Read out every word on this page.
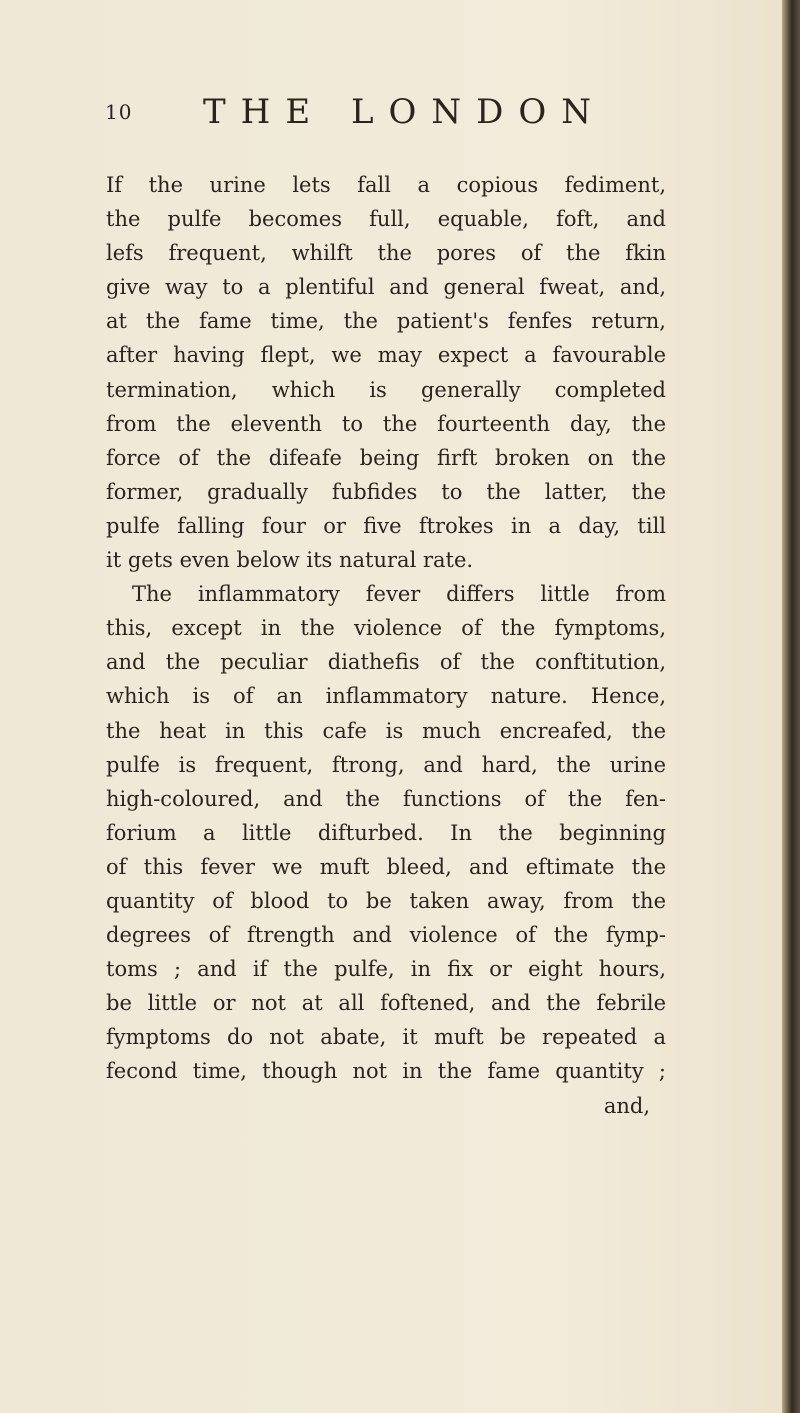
10 THE LONDON
If the urine lets fall a copious fediment,
the pulfe becomes full, equable, foft, and
lefs frequent, whilft the pores of the fkin
give way to a plentiful and general fweat, and,
at the fame time, the patient's fenfes return,
after having flept, we may expect a favourable
termination, which is generally completed
from the eleventh to the fourteenth day, the
force of the difeafe being firft broken on the
former, gradually fubfides to the latter, the
pulfe falling four or five ftrokes in a day, till
it gets even below its natural rate.
The inflammatory fever differs little from
this, except in the violence of the fymptoms,
and the peculiar diathefis of the conftitution,
which is of an inflammatory nature. Hence,
the heat in this cafe is much encreafed, the
pulfe is frequent, ftrong, and hard, the urine
high-coloured, and the functions of the fen-
forium a little difturbed. In the beginning
of this fever we muft bleed, and eftimate the
quantity of blood to be taken away, from the
degrees of ftrength and violence of the fymp-
toms ; and if the pulfe, in fix or eight hours,
be little or not at all foftened, and the febrile
fymptoms do not abate, it muft be repeated a
fecond time, though not in the fame quantity ;
and,
